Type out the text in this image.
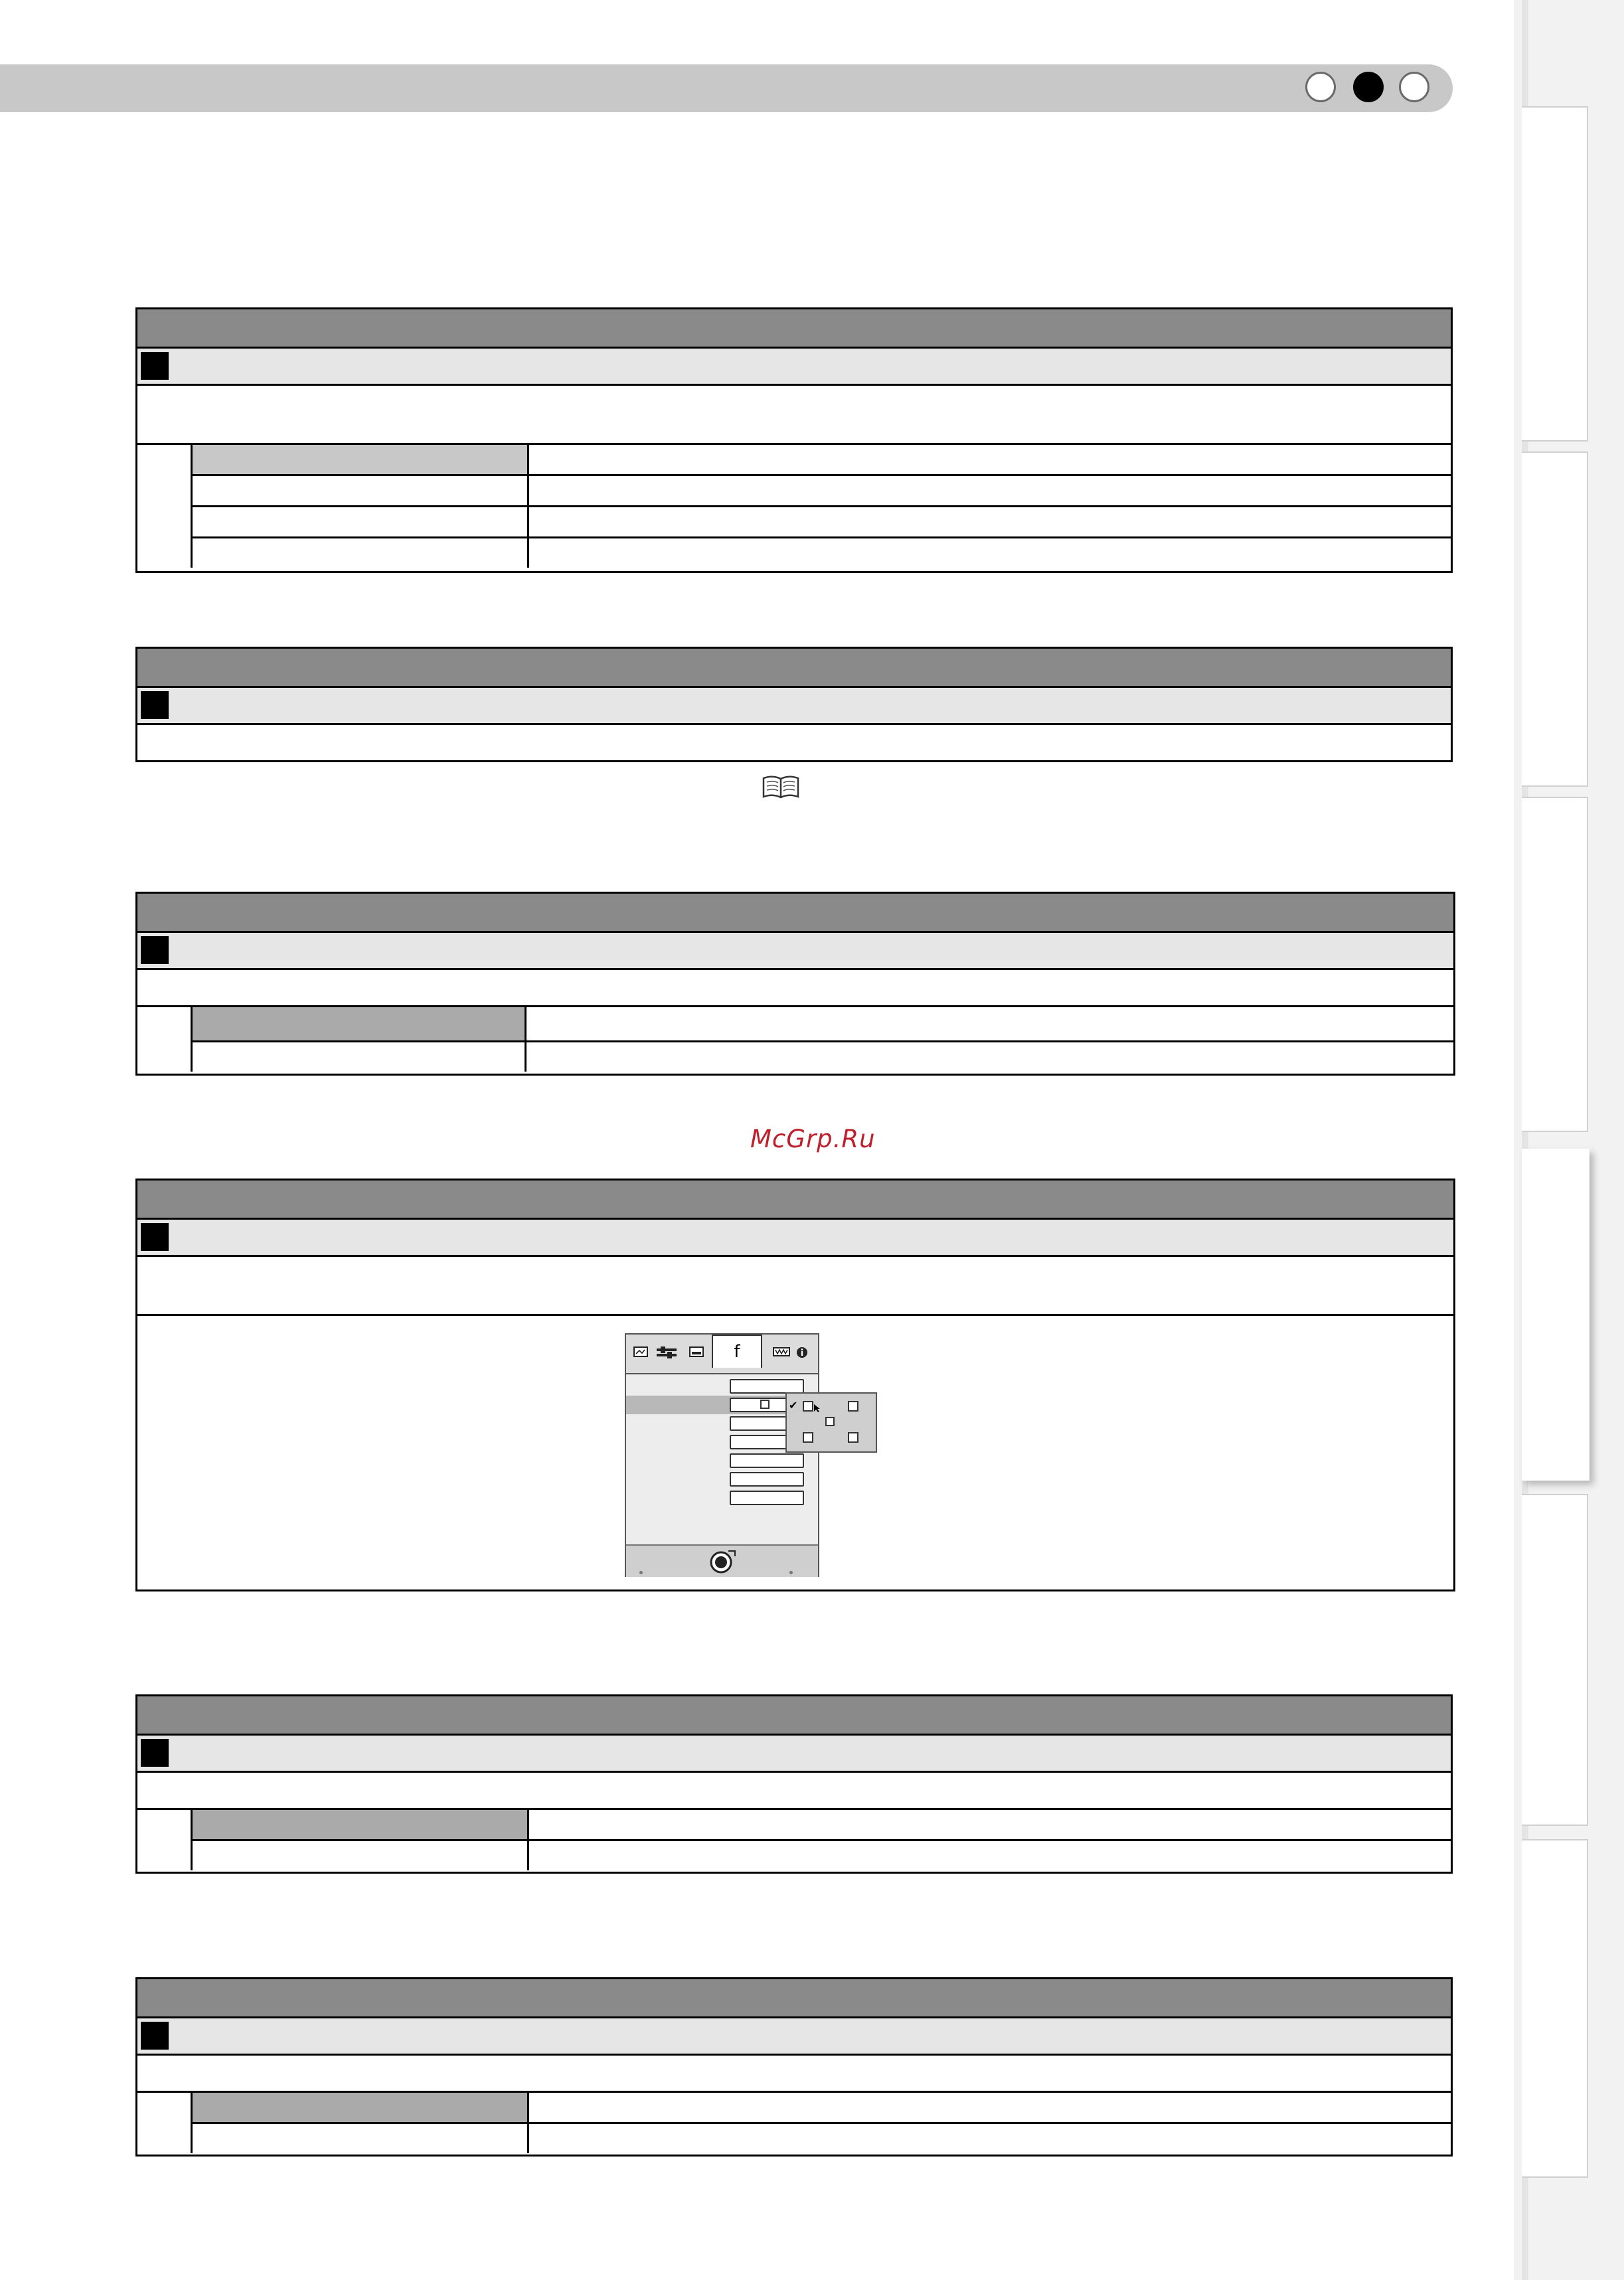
McGrp.Ru
f
✔
